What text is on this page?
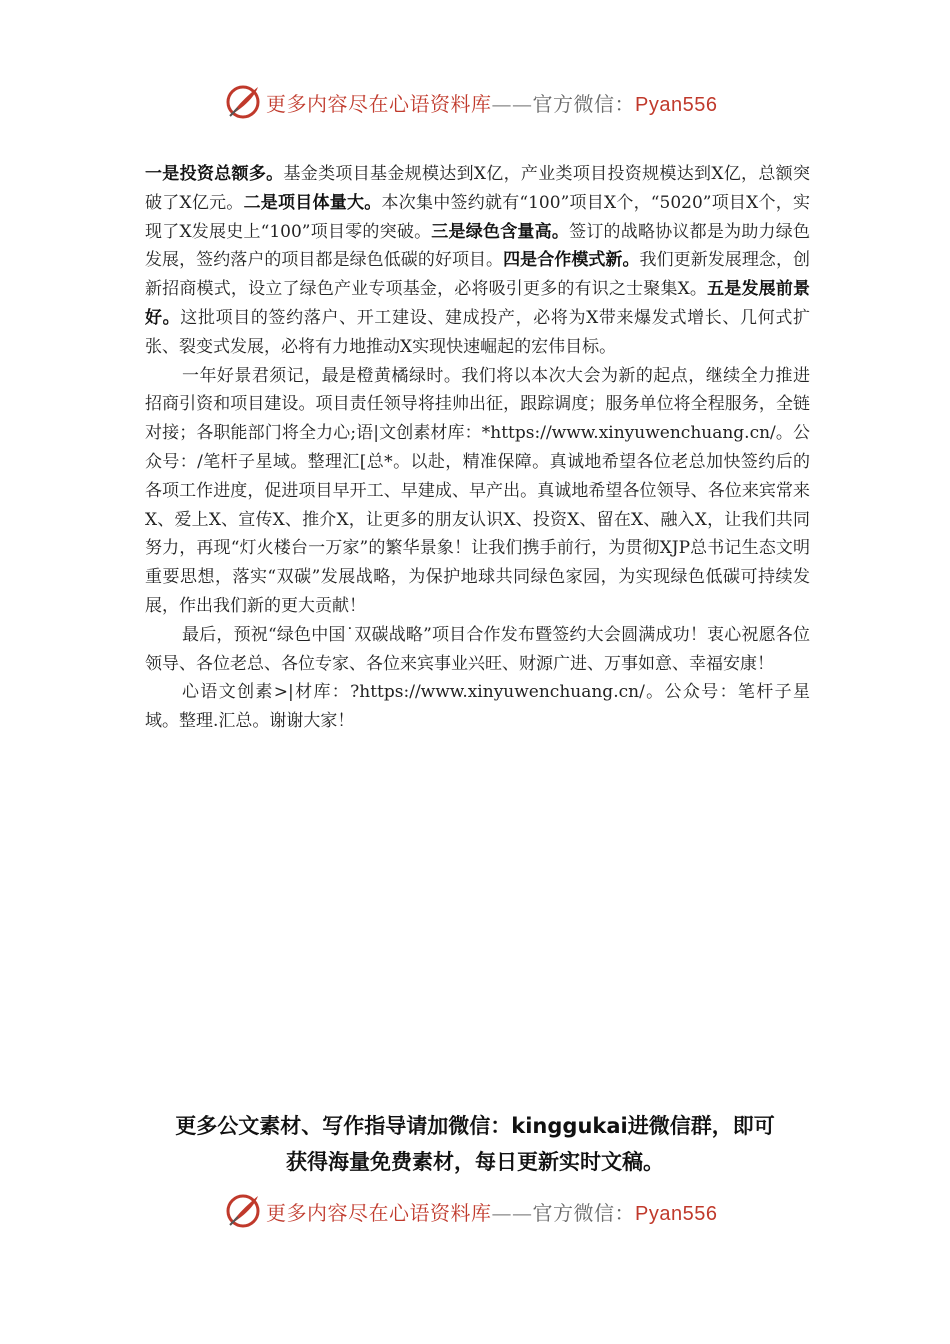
更多内容尽在心语资料库——官方微信：Pyan556

一是投资总额多。基金类项目基金规模达到X亿，产业类项目投资规模达到X亿，总额突破了X亿元。二是项目体量大。本次集中签约就有“100”项目X个，“5020”项目X个，实现了X发展史上“100”项目零的突破。三是绿色含量高。签订的战略协议都是为助力绿色发展，签约落户的项目都是绿色低碳的好项目。四是合作模式新。我们更新发展理念，创新招商模式，设立了绿色产业专项基金，必将吸引更多的有识之士聚集X。五是发展前景好。这批项目的签约落户、开工建设、建成投产，必将为X带来爆发式增长、几何式扩张、裂变式发展，必将有力地推动X实现快速崛起的宏伟目标。

一年好景君须记，最是橙黄橘绿时。我们将以本次大会为新的起点，继续全力推进招商引资和项目建设。项目责任领导将挂帅出征，跟踪调度；服务单位将全程服务，全链对接；各职能部门将全力心;语|文创素材库：*https://www.xinyuwenchuang.cn/。公众号：/笔杆子星域。整理汇[总*。以赴，精准保障。真诚地希望各位老总加快签约后的各项工作进度，促进项目早开工、早建成、早产出。真诚地希望各位领导、各位来宾常来X、爱上X、宣传X、推介X，让更多的朋友认识X、投资X、留在X、融入X，让我们共同努力，再现“灯火楼台一万家”的繁华景象！让我们携手前行，为贯彻XJP总书记生态文明重要思想，落实“双碳”发展战略，为保护地球共同绿色家园，为实现绿色低碳可持续发展，作出我们新的更大贡献！

最后，预祝“绿色中国˙双碳战略”项目合作发布暨签约大会圆满成功！衷心祝愿各位领导、各位老总、各位专家、各位来宾事业兴旺、财源广进、万事如意、幸福安康！

心语文创素>|材库：?https://www.xinyuwenchuang.cn/。公众号：笔杆子星域。整理.汇总。谢谢大家！

更多公文素材、写作指导请加微信：kinggukai进微信群，即可
获得海量免费素材，每日更新实时文稿。
更多内容尽在心语资料库——官方微信：Pyan556
